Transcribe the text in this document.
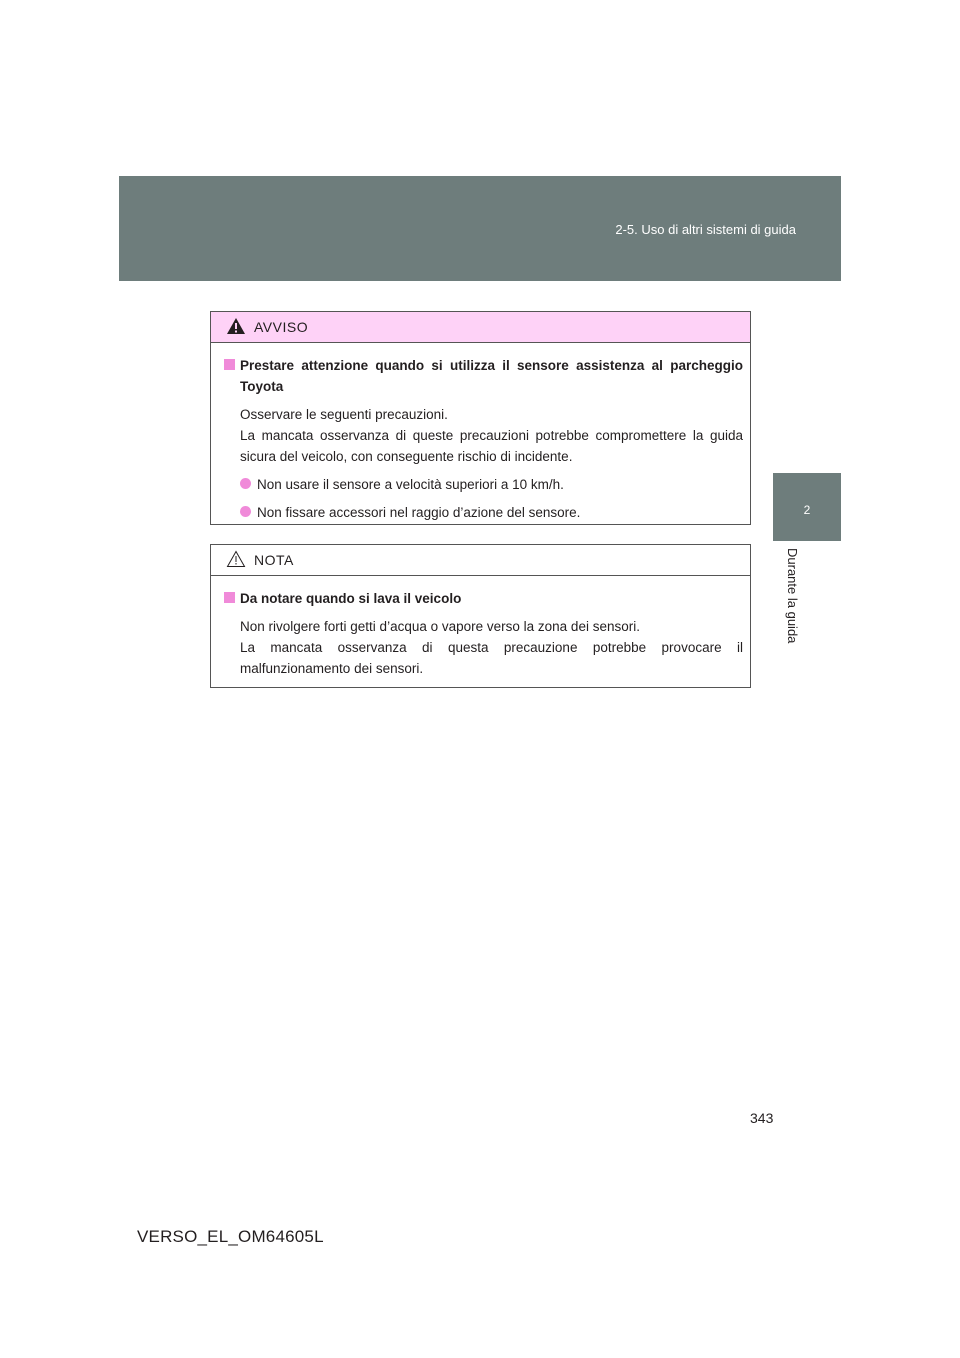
2-5. Uso di altri sistemi di guida
2
Durante la guida
AVVISO
Prestare attenzione quando si utilizza il sensore assistenza al parcheggio Toyota
Osservare le seguenti precauzioni.
La mancata osservanza di queste precauzioni potrebbe compromettere la guida sicura del veicolo, con conseguente rischio di incidente.
Non usare il sensore a velocità superiori a 10 km/h.
Non fissare accessori nel raggio d’azione del sensore.
NOTA
Da notare quando si lava il veicolo
Non rivolgere forti getti d’acqua o vapore verso la zona dei sensori.
La mancata osservanza di questa precauzione potrebbe provocare il malfunzionamento dei sensori.
343
VERSO_EL_OM64605L
